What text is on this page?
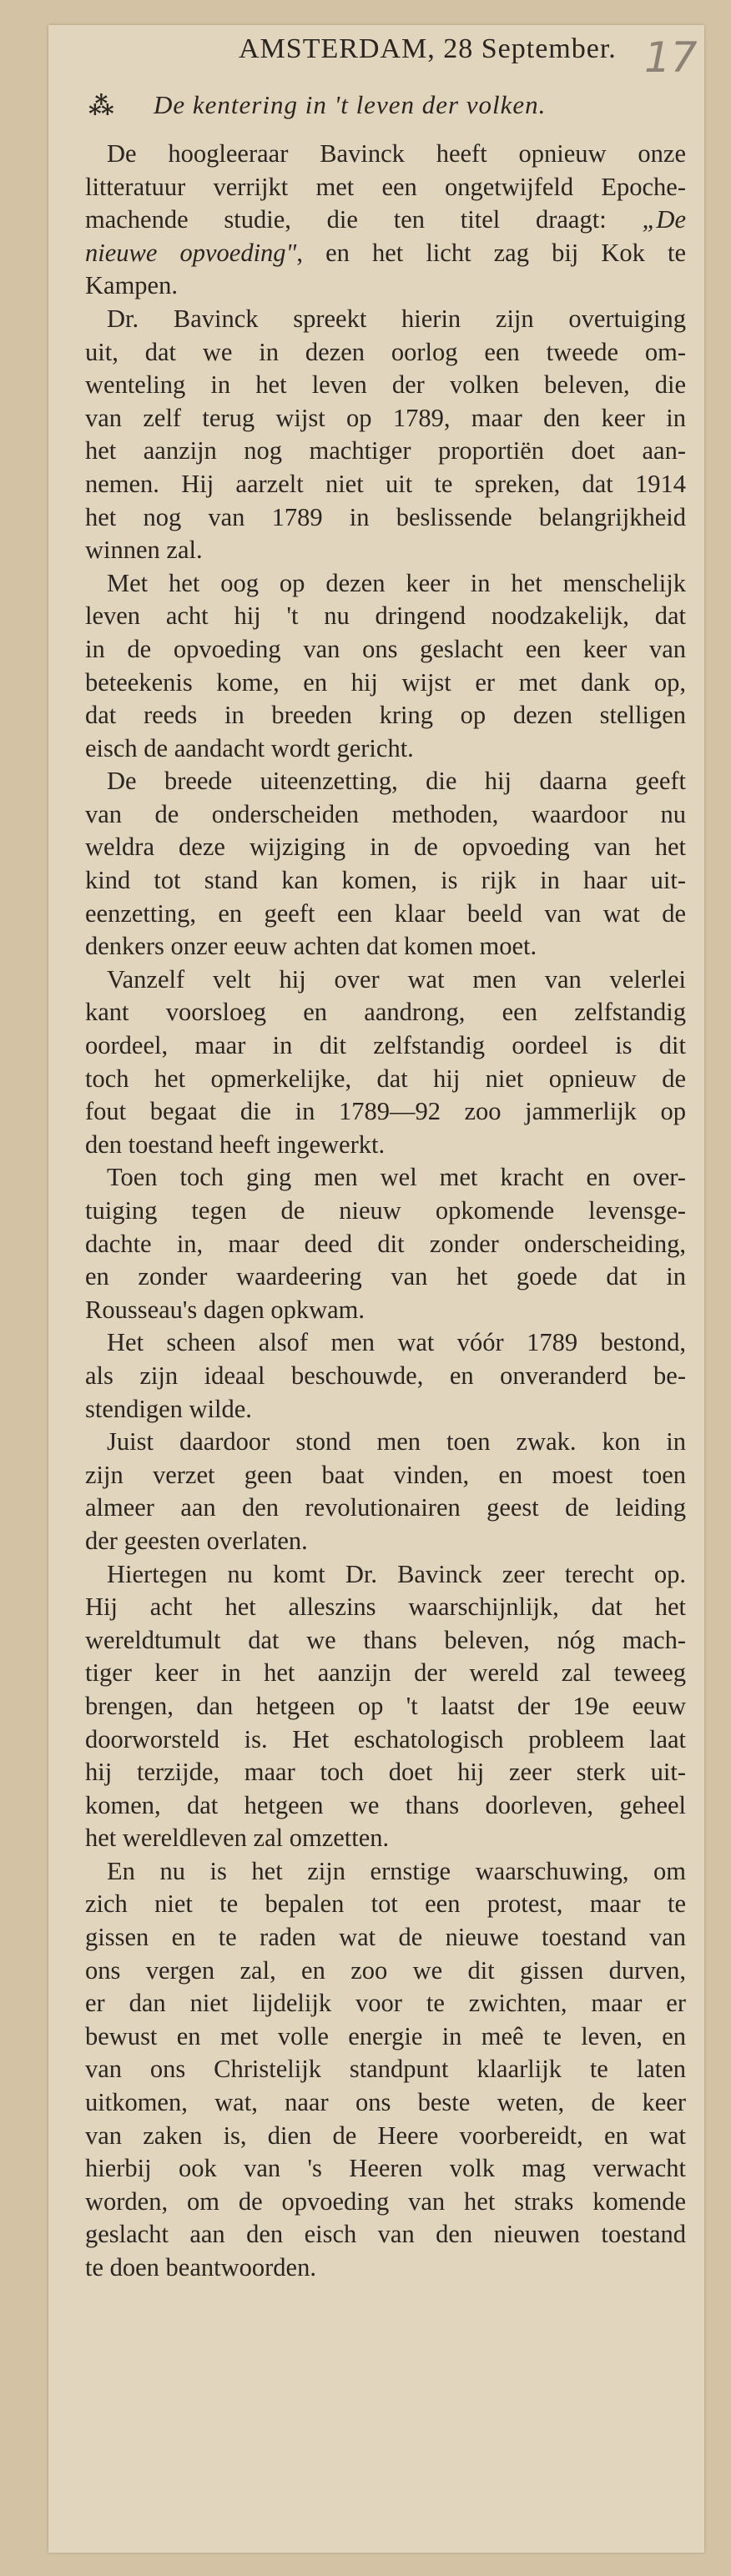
AMSTERDAM, 28 September. 17
⁂ De kentering in 't leven der volken.
De hoogleeraar Bavinck heeft opnieuw onze
litteratuur verrijkt met een ongetwijfeld Epoche-
machende studie, die ten titel draagt: „De
nieuwe opvoeding", en het licht zag bij Kok te
Kampen.
Dr. Bavinck spreekt hierin zijn overtuiging
uit, dat we in dezen oorlog een tweede om-
wenteling in het leven der volken beleven, die
van zelf terug wijst op 1789, maar den keer in
het aanzijn nog machtiger proportiën doet aan-
nemen. Hij aarzelt niet uit te spreken, dat 1914
het nog van 1789 in beslissende belangrijkheid
winnen zal.
Met het oog op dezen keer in het menschelijk
leven acht hij 't nu dringend noodzakelijk, dat
in de opvoeding van ons geslacht een keer van
beteekenis kome, en hij wijst er met dank op,
dat reeds in breeden kring op dezen stelligen
eisch de aandacht wordt gericht.
De breede uiteenzetting, die hij daarna geeft
van de onderscheiden methoden, waardoor nu
weldra deze wijziging in de opvoeding van het
kind tot stand kan komen, is rijk in haar uit-
eenzetting, en geeft een klaar beeld van wat de
denkers onzer eeuw achten dat komen moet.
Vanzelf velt hij over wat men van velerlei
kant voorsloeg en aandrong, een zelfstandig
oordeel, maar in dit zelfstandig oordeel is dit
toch het opmerkelijke, dat hij niet opnieuw de
fout begaat die in 1789—92 zoo jammerlijk op
den toestand heeft ingewerkt.
Toen toch ging men wel met kracht en over-
tuiging tegen de nieuw opkomende levensge-
dachte in, maar deed dit zonder onderscheiding,
en zonder waardeering van het goede dat in
Rousseau's dagen opkwam.
Het scheen alsof men wat vóór 1789 bestond,
als zijn ideaal beschouwde, en onveranderd be-
stendigen wilde.
Juist daardoor stond men toen zwak. kon in
zijn verzet geen baat vinden, en moest toen
almeer aan den revolutionairen geest de leiding
der geesten overlaten.
Hiertegen nu komt Dr. Bavinck zeer terecht op.
Hij acht het alleszins waarschijnlijk, dat het
wereldtumult dat we thans beleven, nóg mach-
tiger keer in het aanzijn der wereld zal teweeg
brengen, dan hetgeen op 't laatst der 19e eeuw
doorworsteld is. Het eschatologisch probleem laat
hij terzijde, maar toch doet hij zeer sterk uit-
komen, dat hetgeen we thans doorleven, geheel
het wereldleven zal omzetten.
En nu is het zijn ernstige waarschuwing, om
zich niet te bepalen tot een protest, maar te
gissen en te raden wat de nieuwe toestand van
ons vergen zal, en zoo we dit gissen durven,
er dan niet lijdelijk voor te zwichten, maar er
bewust en met volle energie in meê te leven, en
van ons Christelijk standpunt klaarlijk te laten
uitkomen, wat, naar ons beste weten, de keer
van zaken is, dien de Heere voorbereidt, en wat
hierbij ook van 's Heeren volk mag verwacht
worden, om de opvoeding van het straks komende
geslacht aan den eisch van den nieuwen toestand
te doen beantwoorden.
